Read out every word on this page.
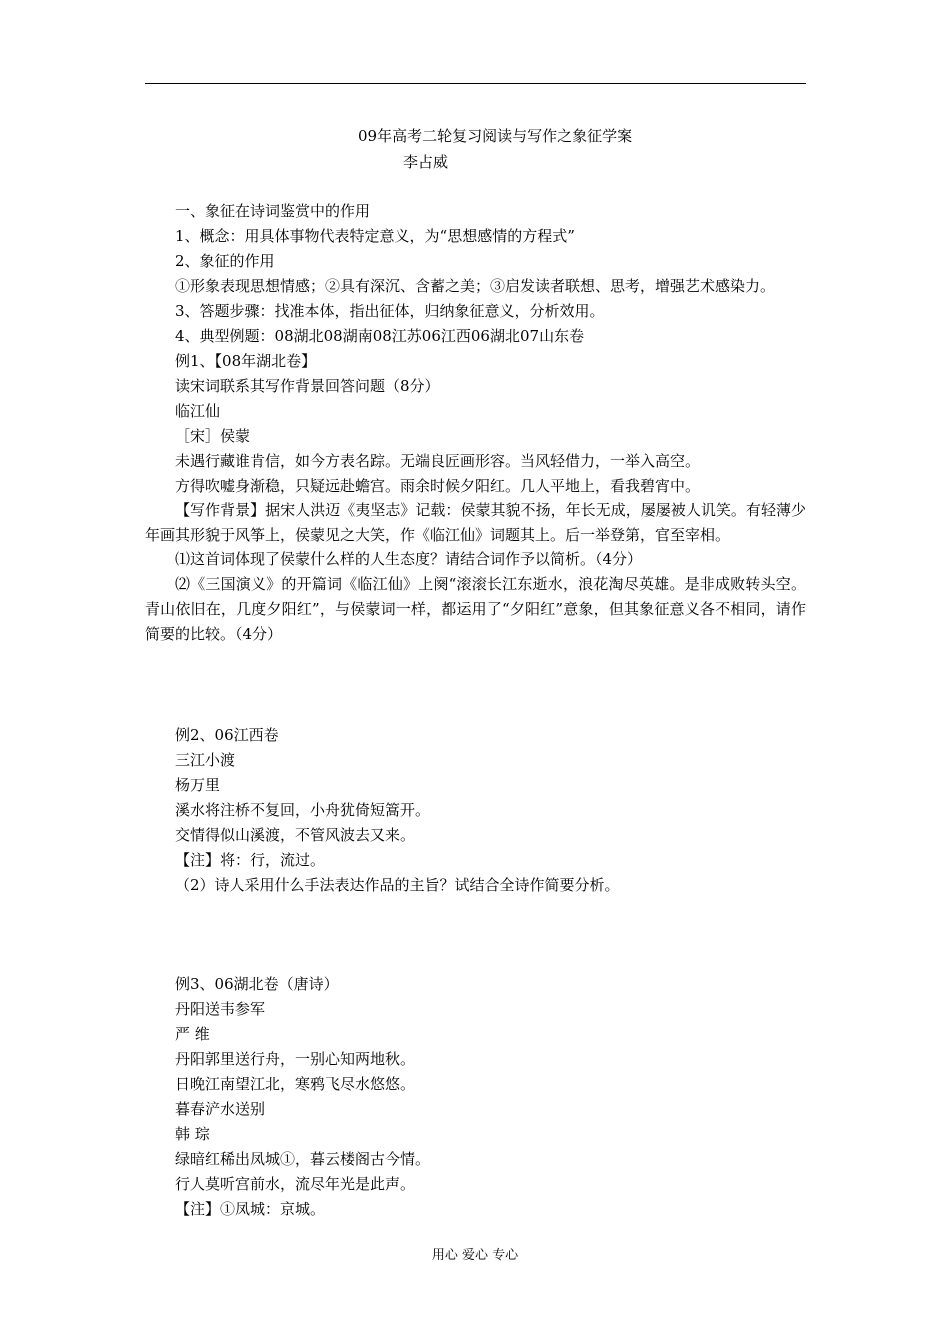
09年高考二轮复习阅读与写作之象征学案
李占威
一、象征在诗词鉴赏中的作用
1、概念：用具体事物代表特定意义，为“思想感情的方程式”
2、象征的作用
①形象表现思想情感；②具有深沉、含蓄之美；③启发读者联想、思考，增强艺术感染力。
3、答题步骤：找准本体，指出征体，归纳象征意义，分析效用。
4、典型例题：08湖北08湖南08江苏06江西06湖北07山东卷
例1、【08年湖北卷】
读宋词联系其写作背景回答问题（8分）
临江仙
［宋］侯蒙
未遇行藏谁肯信，如今方表名踪。无端良匠画形容。当风轻借力，一举入高空。
方得吹嘘身渐稳，只疑远赴蟾宫。雨余时候夕阳红。几人平地上，看我碧宵中。
【写作背景】据宋人洪迈《夷坚志》记载：侯蒙其貌不扬，年长无成，屡屡被人讥笑。有轻薄少年画其形貌于风筝上，侯蒙见之大笑，作《临江仙》词题其上。后一举登第，官至宰相。
⑴这首词体现了侯蒙什么样的人生态度？请结合词作予以简析。（4分）
⑵《三国演义》的开篇词《临江仙》上阕“滚滚长江东逝水，浪花淘尽英雄。是非成败转头空。青山依旧在，几度夕阳红”，与侯蒙词一样，都运用了“夕阳红”意象，但其象征意义各不相同，请作简要的比较。（4分）
例2、06江西卷
三江小渡
杨万里
溪水将注桥不复回，小舟犹倚短篙开。
交情得似山溪渡，不管风波去又来。
【注】将：行，流过。
（2）诗人采用什么手法表达作品的主旨？试结合全诗作简要分析。
例3、06湖北卷（唐诗）
丹阳送韦参军
严 维
丹阳郭里送行舟，一别心知两地秋。
日晚江南望江北，寒鸦飞尽水悠悠。
暮春浐水送别
韩 琮
绿暗红稀出凤城①，暮云楼阁古今情。
行人莫听宫前水，流尽年光是此声。
【注】①凤城：京城。
用心 爱心 专心
